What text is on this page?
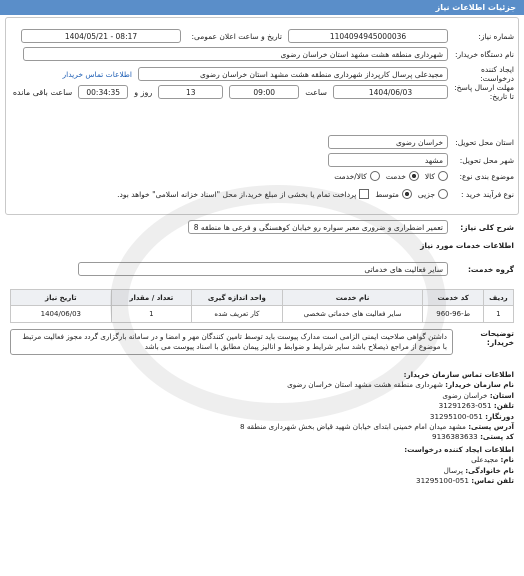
جزئیات اطلاعات نیاز
شماره نیاز:
1104094945000036
تاریخ و ساعت اعلان عمومی:
1404/05/21 - 08:17
نام دستگاه خریدار:
شهرداری منطقه هشت مشهد استان خراسان رضوی
ایجاد کننده درخواست:
مجیدعلی پرسال کارپرداز شهرداری منطقه هشت مشهد استان خراسان رضوی
اطلاعات تماس خریدار
مهلت ارسال پاسخ: تا تاریخ:
1404/06/03
ساعت
09:00
13
روز و
00:34:35
ساعت باقی مانده
استان محل تحویل:
خراسان رضوی
شهر محل تحویل:
مشهد
موضوع بندی نوع:
کالا
خدمت
کالا/خدمت
نوع فرآیند خرید :
جزیی
متوسط
پرداخت تمام یا بخشی از مبلغ خرید،از محل "اسناد خزانه اسلامی" خواهد بود.
شرح کلی نیاز:
تعمیر اضطراری و ضروری معبر سواره رو خیابان کوهسنگی و فرعی ها منطقه 8
اطلاعات خدمات مورد نیاز
گروه خدمت:
سایر فعالیت های خدماتی
ردیف	کد خدمت	نام خدمت	واحد اندازه گیری	تعداد / مقدار	تاریخ نیاز
1	ط-96-960	سایر فعالیت های خدماتی شخصی	کار تعریف شده	1	1404/06/03
توضیحات خریدار:
داشتن گواهی صلاحیت ایمنی الزامی است مدارک پیوست باید توسط تامین کنندگان مهر و امضا و در سامانه بارگزاری گردد مجوز فعالیت مرتبط با موضوع از مراجع ذیصلاح باشد سایر شرایط و ضوابط و انالیز پیمان مطابق با اسناد پیوست می باشد
اطلاعات تماس سازمان خریدار:
نام سازمان خریدار: شهرداری منطقه هشت مشهد استان خراسان رضوی
استان: خراسان رضوی
تلفن: 051-31291263
دورنگار: 051-31295100
آدرس پستی: مشهد میدان امام خمینی ابتدای خیابان شهید قیاض بخش شهرداری منطقه 8
کد پستی: 9136383633
اطلاعات ایجاد کننده درخواست:
نام: مجیدعلی
نام خانوادگی: پرسال
تلفن تماس: 051-31295100
